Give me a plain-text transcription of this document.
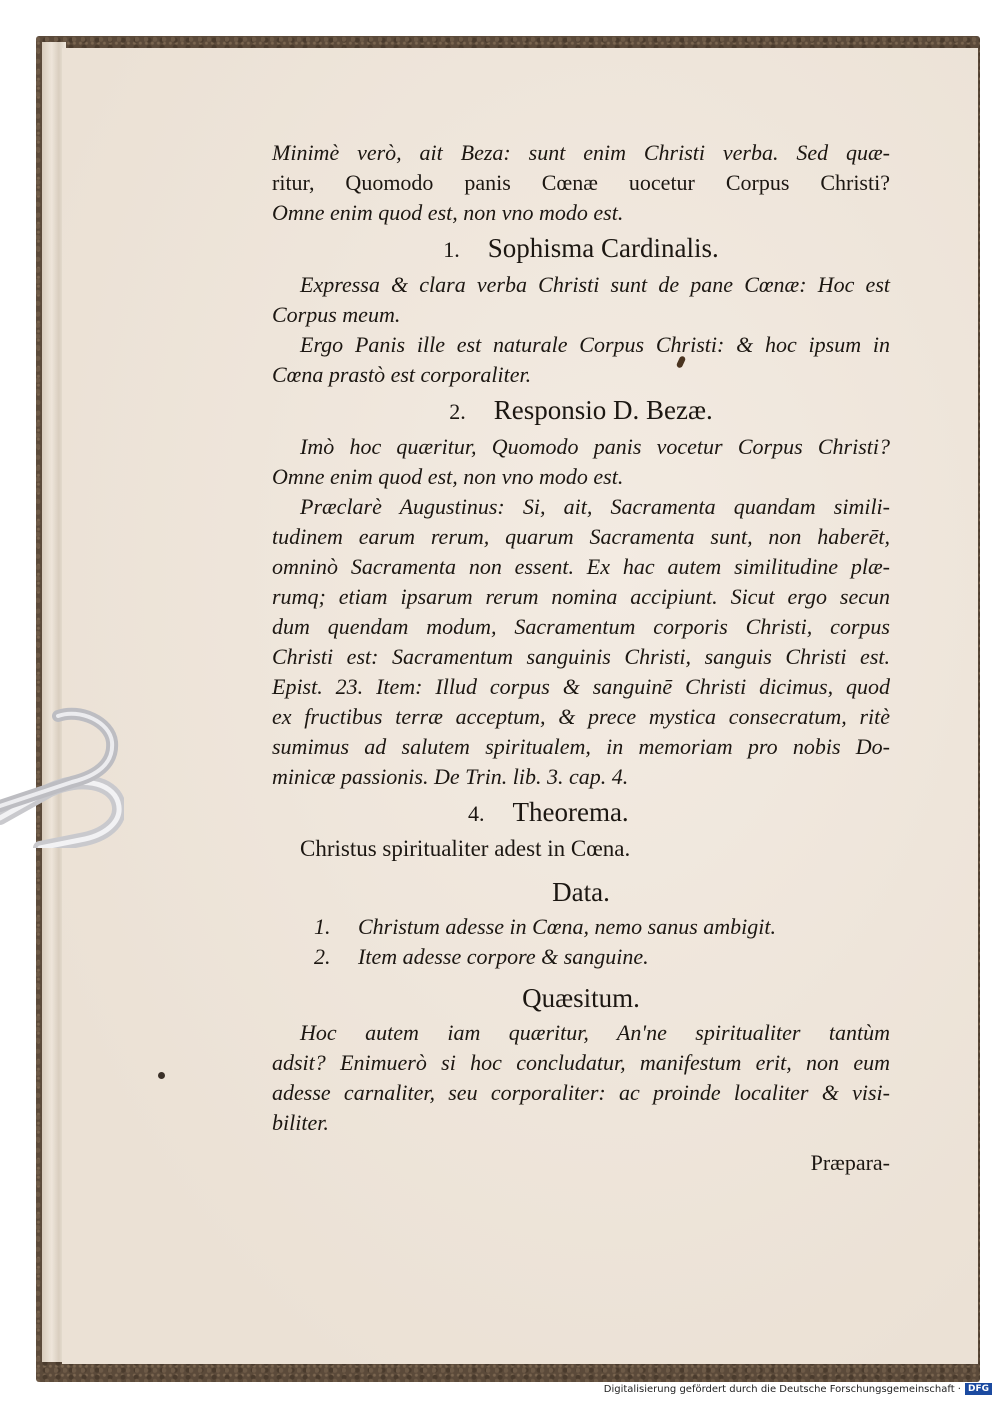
Minimè verò, ait Beza: sunt enim Christi verba. Sed quæ-

ritur, Quomodo panis Cœnæ uocetur Corpus Christi?

Omne enim quod est, non vno modo est.

1. Sophisma Cardinalis.

Expressa & clara verba Christi sunt de pane Cœnæ: Hoc est

Corpus meum.

Ergo Panis ille est naturale Corpus Christi: & hoc ipsum in

Cœna prastò est corporaliter.

2. Responsio D. Bezæ.

Imò hoc quæritur, Quomodo panis vocetur Corpus Christi?

Omne enim quod est, non vno modo est.

Præclarè Augustinus: Si, ait, Sacramenta quandam simili-

tudinem earum rerum, quarum Sacramenta sunt, non haberēt,

omninò Sacramenta non essent. Ex hac autem similitudine plæ-

rumq; etiam ipsarum rerum nomina accipiunt. Sicut ergo secun

dum quendam modum, Sacramentum corporis Christi, corpus

Christi est: Sacramentum sanguinis Christi, sanguis Christi est.

Epist. 23. Item: Illud corpus & sanguinē Christi dicimus, quod

ex fructibus terræ acceptum, & prece mystica consecratum, ritè

sumimus ad salutem spiritualem, in memoriam pro nobis Do-

minicæ passionis. De Trin. lib. 3. cap. 4.

4. Theorema.

Christus spiritualiter adest in Cœna.

Data.

1. Christum adesse in Cœna, nemo sanus ambigit.

2. Item adesse corpore & sanguine.

Quæsitum.

Hoc autem iam quæritur, An'ne spiritualiter tantùm

adsit? Enimuerò si hoc concludatur, manifestum erit, non eum

adesse carnaliter, seu corporaliter: ac proinde localiter & visi-

biliter.

Præpara-

Digitalisierung gefördert durch die Deutsche Forschungsgemeinschaft · DFG
